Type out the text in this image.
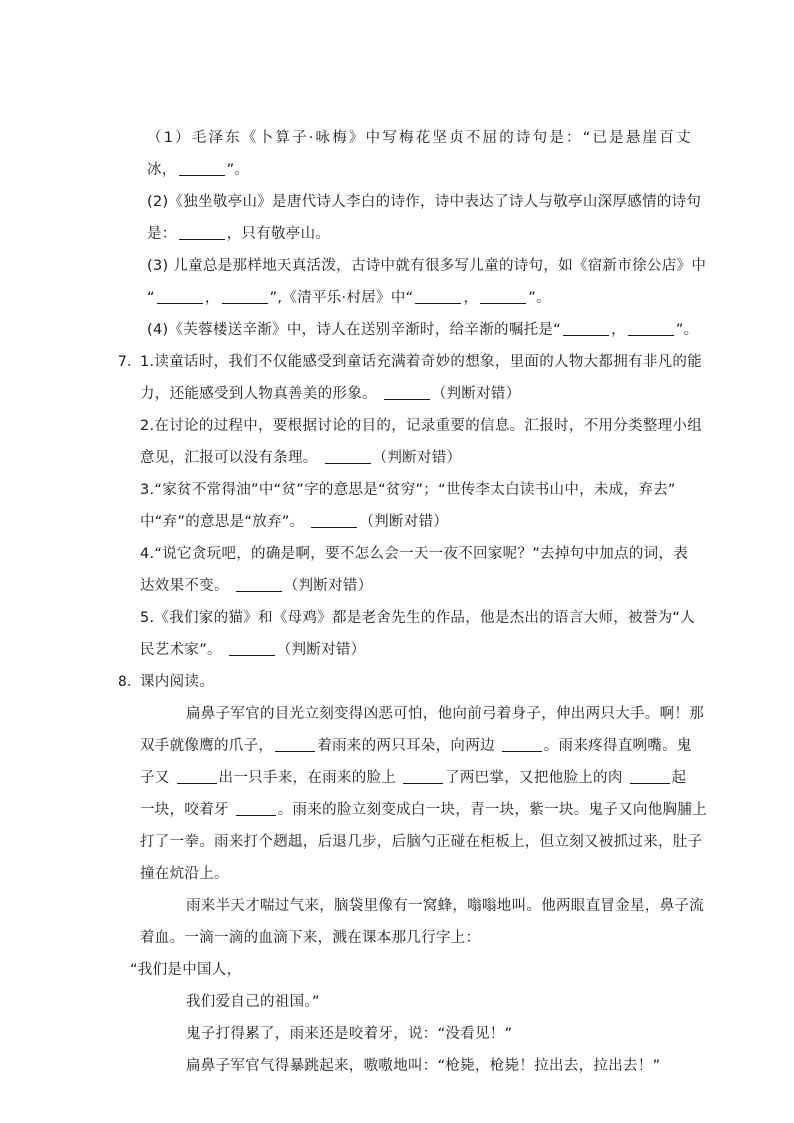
（1）毛泽东《卜算子·咏梅》中写梅花坚贞不屈的诗句是：“已是悬崖百丈
冰，	”。
(2)《独坐敬亭山》是唐代诗人李白的诗作，诗中表达了诗人与敬亭山深厚感情的诗句
是：	，只有敬亭山。
(3) 儿童总是那样地天真活泼，古诗中就有很多写儿童的诗句，如《宿新市徐公店》中
“	，	”,《清平乐·村居》中“	，	”。
(4)《芙蓉楼送辛渐》中，诗人在送别辛渐时，给辛渐的嘱托是“	，	”。
7．
1.读童话时，我们不仅能感受到童话充满着奇妙的想象，里面的人物大都拥有非凡的能
力，还能感受到人物真善美的形象。	（判断对错）
2.在讨论的过程中，要根据讨论的目的，记录重要的信息。汇报时，不用分类整理小组
意见，汇报可以没有条理。	（判断对错）
3.“家贫不常得油”中“贫”字的意思是“贫穷”；“世传李太白读书山中，未成，弃去”
中“弃”的意思是“放弃”。	（判断对错）
4.“说它贪玩吧，的确是啊，要不怎么会一天一夜不回家呢？”去掉句中加点的词，表
达效果不变。	（判断对错）
5.《我们家的猫》和《母鸡》都是老舍先生的作品，他是杰出的语言大师，被誉为“人
民艺术家”。	（判断对错）
8．
课内阅读。
扁鼻子军官的目光立刻变得凶恶可怕，他向前弓着身子，伸出两只大手。啊！那
双手就像鹰的爪子，	着雨来的两只耳朵，向两边	。雨来疼得直咧嘴。鬼
子又	出一只手来，在雨来的脸上	了两巴掌，又把他脸上的肉	起
一块，咬着牙	。雨来的脸立刻变成白一块，青一块，紫一块。鬼子又向他胸脯上
打了一拳。雨来打个趔趄，后退几步，后脑勺正碰在柜板上，但立刻又被抓过来，肚子
撞在炕沿上。
雨来半天才喘过气来，脑袋里像有一窝蜂，嗡嗡地叫。他两眼直冒金星，鼻子流
着血。一滴一滴的血滴下来，溅在课本那几行字上：
“我们是中国人，
我们爱自己的祖国。”
鬼子打得累了，雨来还是咬着牙，说：“没看见！”
扁鼻子军官气得暴跳起来，嗷嗷地叫：“枪毙，枪毙！拉出去，拉出去！”
